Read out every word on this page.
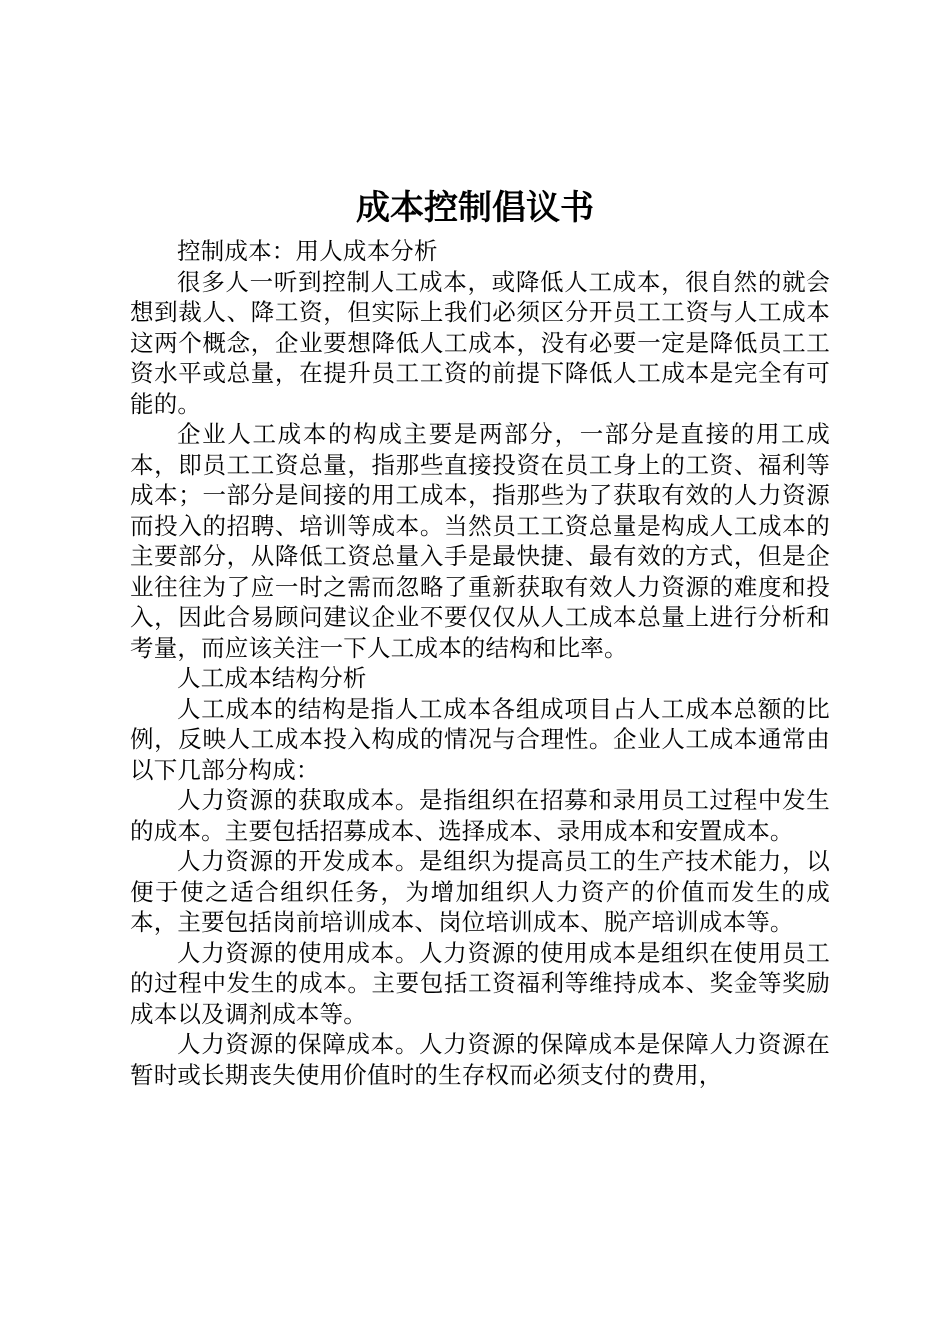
成本控制倡议书

控制成本：用人成本分析

很多人一听到控制人工成本，或降低人工成本，很自然的就会想到裁人、降工资，但实际上我们必须区分开员工工资与人工成本这两个概念，企业要想降低人工成本，没有必要一定是降低员工工资水平或总量，在提升员工工资的前提下降低人工成本是完全有可能的。

企业人工成本的构成主要是两部分，一部分是直接的用工成本，即员工工资总量，指那些直接投资在员工身上的工资、福利等成本；一部分是间接的用工成本，指那些为了获取有效的人力资源而投入的招聘、培训等成本。当然员工工资总量是构成人工成本的主要部分，从降低工资总量入手是最快捷、最有效的方式，但是企业往往为了应一时之需而忽略了重新获取有效人力资源的难度和投入，因此合易顾问建议企业不要仅仅从人工成本总量上进行分析和考量，而应该关注一下人工成本的结构和比率。

人工成本结构分析

人工成本的结构是指人工成本各组成项目占人工成本总额的比例，反映人工成本投入构成的情况与合理性。企业人工成本通常由以下几部分构成：

人力资源的获取成本。是指组织在招募和录用员工过程中发生的成本。主要包括招募成本、选择成本、录用成本和安置成本。

人力资源的开发成本。是组织为提高员工的生产技术能力，以便于使之适合组织任务，为增加组织人力资产的价值而发生的成本，主要包括岗前培训成本、岗位培训成本、脱产培训成本等。

人力资源的使用成本。人力资源的使用成本是组织在使用员工的过程中发生的成本。主要包括工资福利等维持成本、奖金等奖励成本以及调剂成本等。

人力资源的保障成本。人力资源的保障成本是保障人力资源在暂时或长期丧失使用价值时的生存权而必须支付的费用，
